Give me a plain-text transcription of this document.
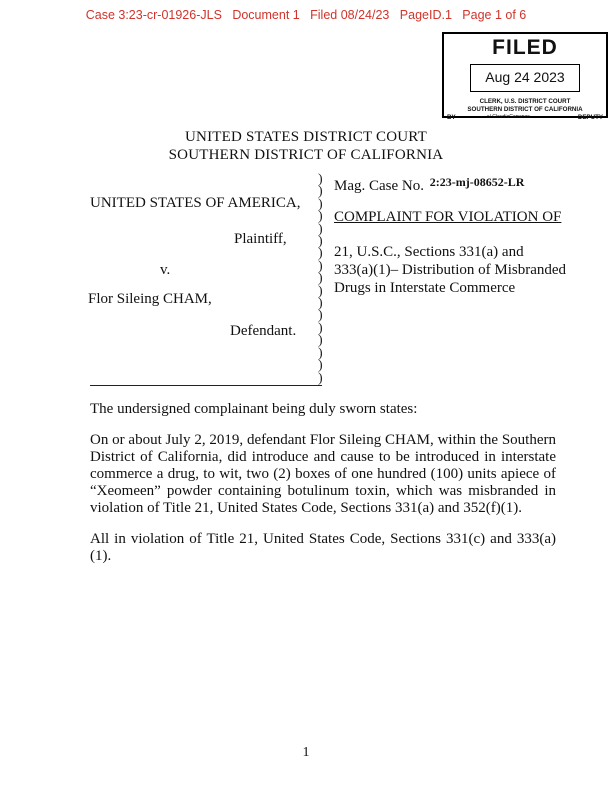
Case 3:23-cr-01926-JLS   Document 1   Filed 08/24/23   PageID.1   Page 1 of 6
FILED
Aug 24 2023
CLERK, U.S. DISTRICT COURT
SOUTHERN DISTRICT OF CALIFORNIA
BY	s/ ClaudiaCarranza	DEPUTY
UNITED STATES DISTRICT COURT
SOUTHERN DISTRICT OF CALIFORNIA
UNITED STATES OF AMERICA,
Plaintiff,
v.
Flor Sileing CHAM,
Defendant.
)
)
)
)
)
)
)
)
)
)
)
)
)
)
)
)
)
Mag. Case No. $^{2:23-mj-08652-LR}$
COMPLAINT FOR VIOLATION OF
21, U.S.C., Sections 331(a) and
333(a)(1)– Distribution of Misbranded
Drugs in Interstate Commerce
The undersigned complainant being duly sworn states:
On or about July 2, 2019, defendant Flor Sileing CHAM, within the Southern District of California, did introduce and cause to be introduced in interstate commerce a drug, to wit, two (2) boxes of one hundred (100) units apiece of “Xeomeen” powder containing botulinum toxin, which was misbranded in violation of Title 21, United States Code, Sections 331(a) and 352(f)(1).
All in violation of Title 21, United States Code, Sections 331(c) and 333(a)(1).
1
